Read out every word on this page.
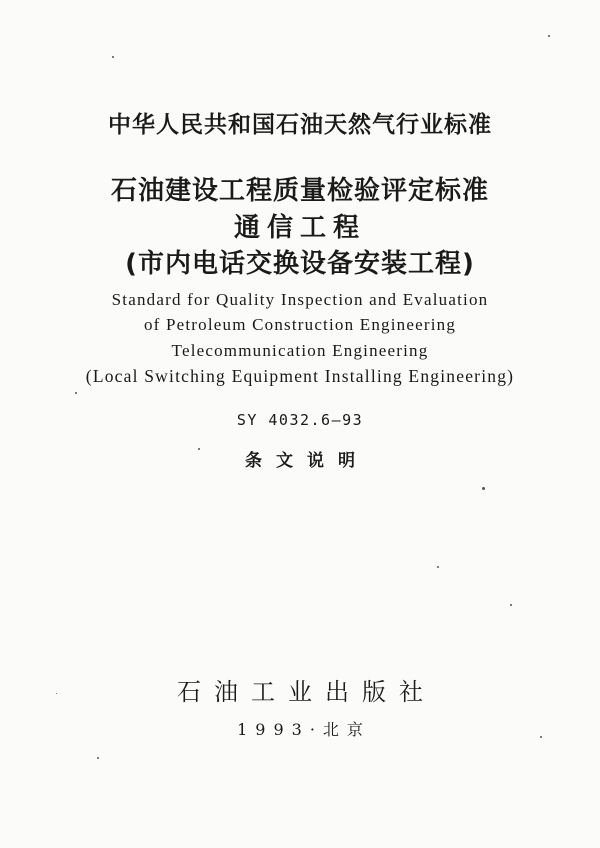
中华人民共和国石油天然气行业标准
石油建设工程质量检验评定标准
通信工程
(市内电话交换设备安装工程)
Standard for Quality Inspection and Evaluation
of Petroleum Construction Engineering
Telecommunication Engineering
(Local Switching Equipment Installing Engineering)
SY 4032.6—93
条文说明
石油工业出版社
1993·北京
